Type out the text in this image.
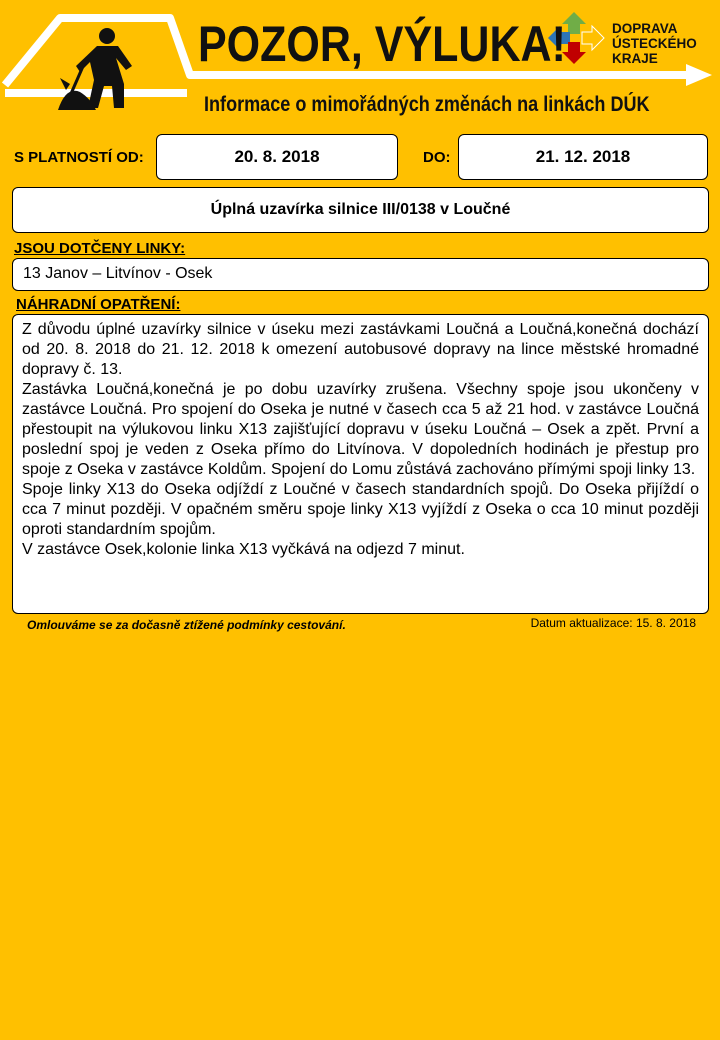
POZOR, VÝLUKA!	DOPRAVA
ÚSTECKÉHO
KRAJE
Informace o mimořádných změnách na linkách DÚK
S PLATNOSTÍ OD:	20. 8. 2018	DO:	21. 12. 2018
Úplná uzavírka silnice III/0138 v Loučné
JSOU DOTČENY LINKY:
13 Janov – Litvínov - Osek
NÁHRADNÍ OPATŘENÍ:

Z důvodu úplné uzavírky silnice v úseku mezi zastávkami Loučná a Loučná,konečná dochází od 20. 8. 2018 do 21. 12. 2018 k omezení autobusové dopravy na lince městské hromadné dopravy č. 13.

Zastávka Loučná,konečná je po dobu uzavírky zrušena. Všechny spoje jsou ukončeny v zastávce Loučná. Pro spojení do Oseka je nutné v časech cca 5 až 21 hod. v zastávce Loučná přestoupit na výlukovou linku X13 zajišťující dopravu v úseku Loučná – Osek a zpět. První a poslední spoj je veden z Oseka přímo do Litvínova. V dopoledních hodinách je přestup pro spoje z Oseka v zastávce Koldům. Spojení do Lomu zůstává zachováno přímými spoji linky 13.

Spoje linky X13 do Oseka odjíždí z Loučné v časech standardních spojů. Do Oseka přijíždí o cca 7 minut později. V opačném směru spoje linky X13 vyjíždí z Oseka o cca 10 minut později oproti standardním spojům.

V zastávce Osek,kolonie linka X13 vyčkává na odjezd 7 minut.

Omlouváme se za dočasně ztížené podmínky cestování.	Datum aktualizace: 15. 8. 2018
